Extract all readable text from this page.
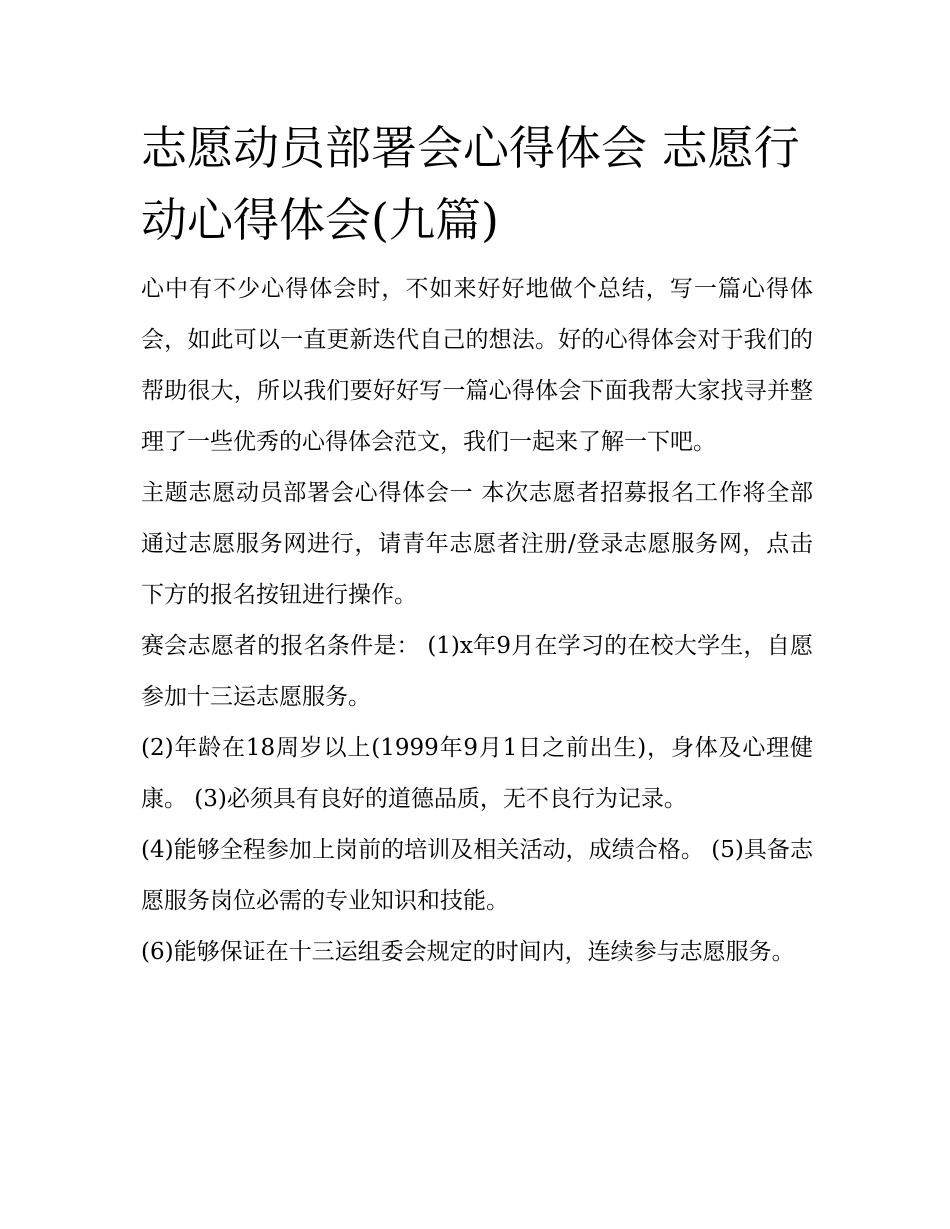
志愿动员部署会心得体会 志愿行动心得体会(九篇)

心中有不少心得体会时，不如来好好地做个总结，写一篇心得体会，如此可以一直更新迭代自己的想法。好的心得体会对于我们的帮助很大，所以我们要好好写一篇心得体会下面我帮大家找寻并整理了一些优秀的心得体会范文，我们一起来了解一下吧。

主题志愿动员部署会心得体会一 本次志愿者招募报名工作将全部通过志愿服务网进行，请青年志愿者注册/登录志愿服务网，点击下方的报名按钮进行操作。

赛会志愿者的报名条件是： (1)x年9月在学习的在校大学生，自愿参加十三运志愿服务。

(2)年龄在18周岁以上(1999年9月1日之前出生)，身体及心理健康。 (3)必须具有良好的道德品质，无不良行为记录。

(4)能够全程参加上岗前的培训及相关活动，成绩合格。 (5)具备志愿服务岗位必需的专业知识和技能。

(6)能够保证在十三运组委会规定的时间内，连续参与志愿服务。
